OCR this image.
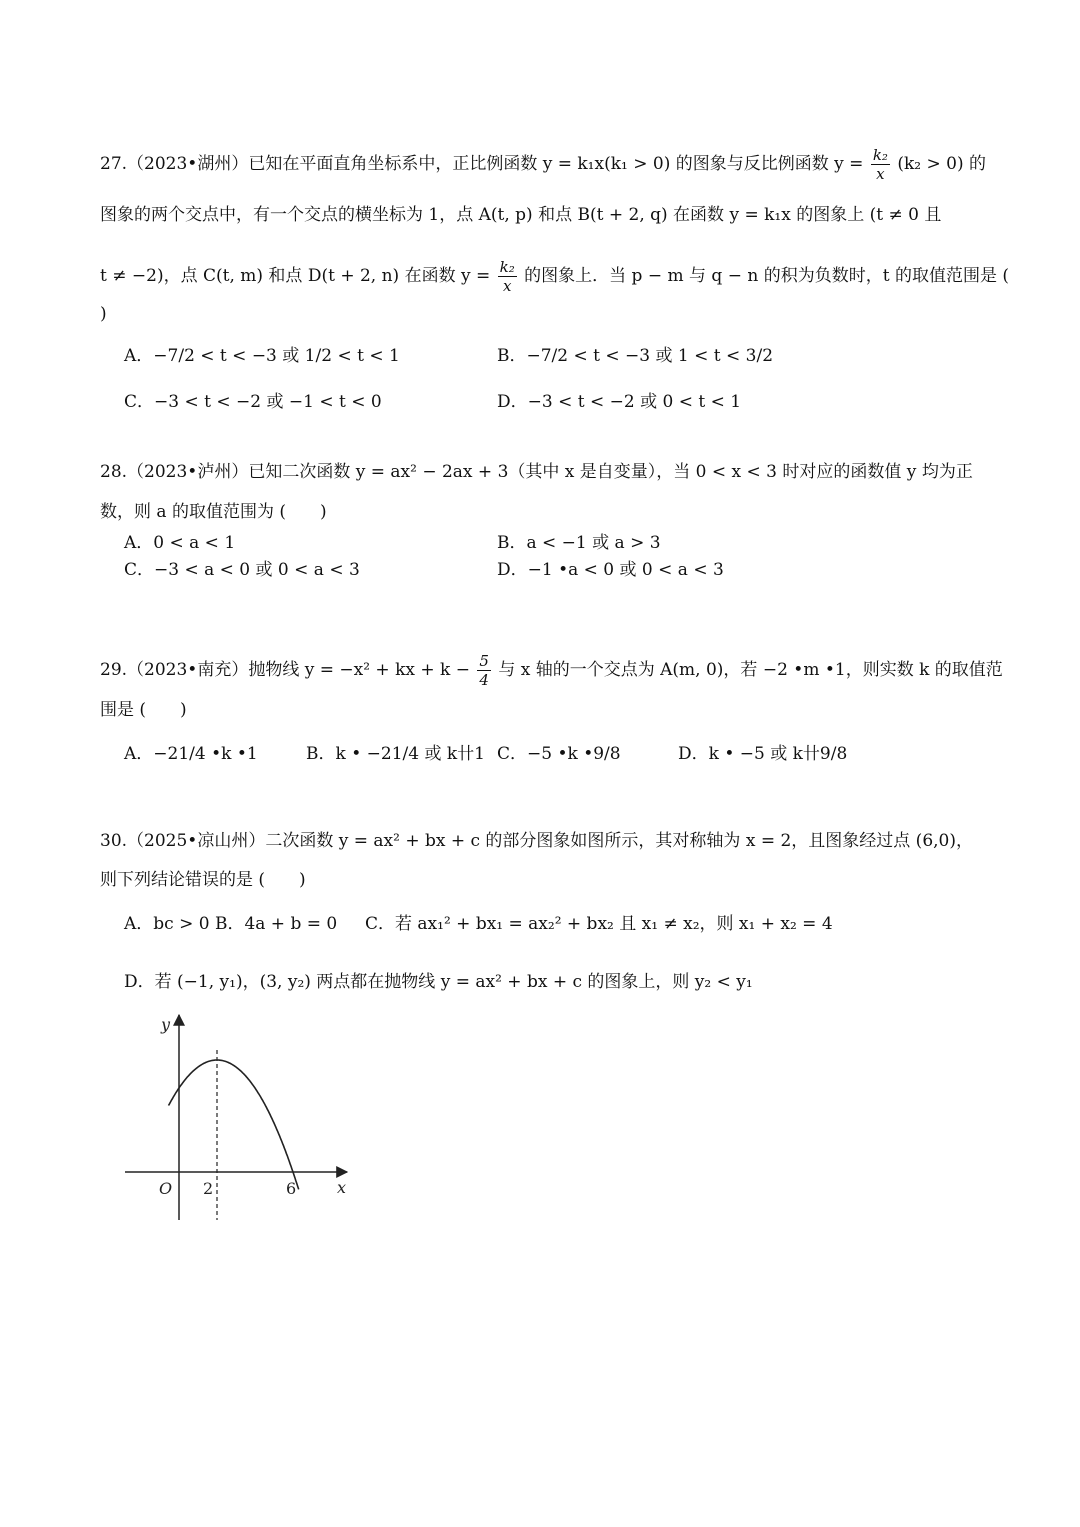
27.（2023•湖州）已知在平面直角坐标系中，正比例函数 y = k₁x(k₁ > 0) 的图象与反比例函数 $y = \frac{\text{k₂}}{x} (k_2 > 0)$ 的
图象的两个交点中，有一个交点的横坐标为 1，点 A(t, p) 和点 B(t + 2, q) 在函数 y = k₁x 的图象上 (t ≠ 0 且
t ≠ −2)，点 C(t, m) 和点 D(t + 2, n) 在函数 $y = \frac{\text{k₂}}{x}$ 的图象上．当 p − m 与 q − n 的积为负数时，t 的取值范围是 (
)
A．−7/2 < t < −3 或 1/2 < t < 1	B．−7/2 < t < −3 或 1 < t < 3/2
C．−3 < t < −2 或 −1 < t < 0	D．−3 < t < −2 或 0 < t < 1
28.（2023•泸州）已知二次函数 y = ax² − 2ax + 3（其中 x 是自变量），当 0 < x < 3 时对应的函数值 y 均为正
数，则 a 的取值范围为 (　　)
A．0 < a < 1	B．a < −1 或 a > 3
C．−3 < a < 0 或 0 < a < 3	D．−1 •a < 0 或 0 < a < 3
29.（2023•南充）抛物线 y = −x² + kx + $k - \frac{5}{4}$ 与 x 轴的一个交点为 A(m, 0)，若 −2 •m •1，则实数 k 的取值范
围是 (　　)
A．−21/4 •k •1	B．k • −21/4 或 k卄1 C．−5 •k •9/8	D．k • −5 或 k卄9/8
30.（2025•凉山州）二次函数 y = ax² + bx + c 的部分图象如图所示，其对称轴为 x = 2，且图象经过点 (6,0)，
则下列结论错误的是 (　　)
A．bc > 0 B．4a + b = 0 C．若 ax₁² + bx₁ = ax₂² + bx₂ 且 x₁ ≠ x₂，则 x₁ + x₂ = 4
D．若 (−1, y₁)，(3, y₂) 两点都在抛物线 y = ax² + bx + c 的图象上，则 y₂ < y₁
y
x
O 2	6
